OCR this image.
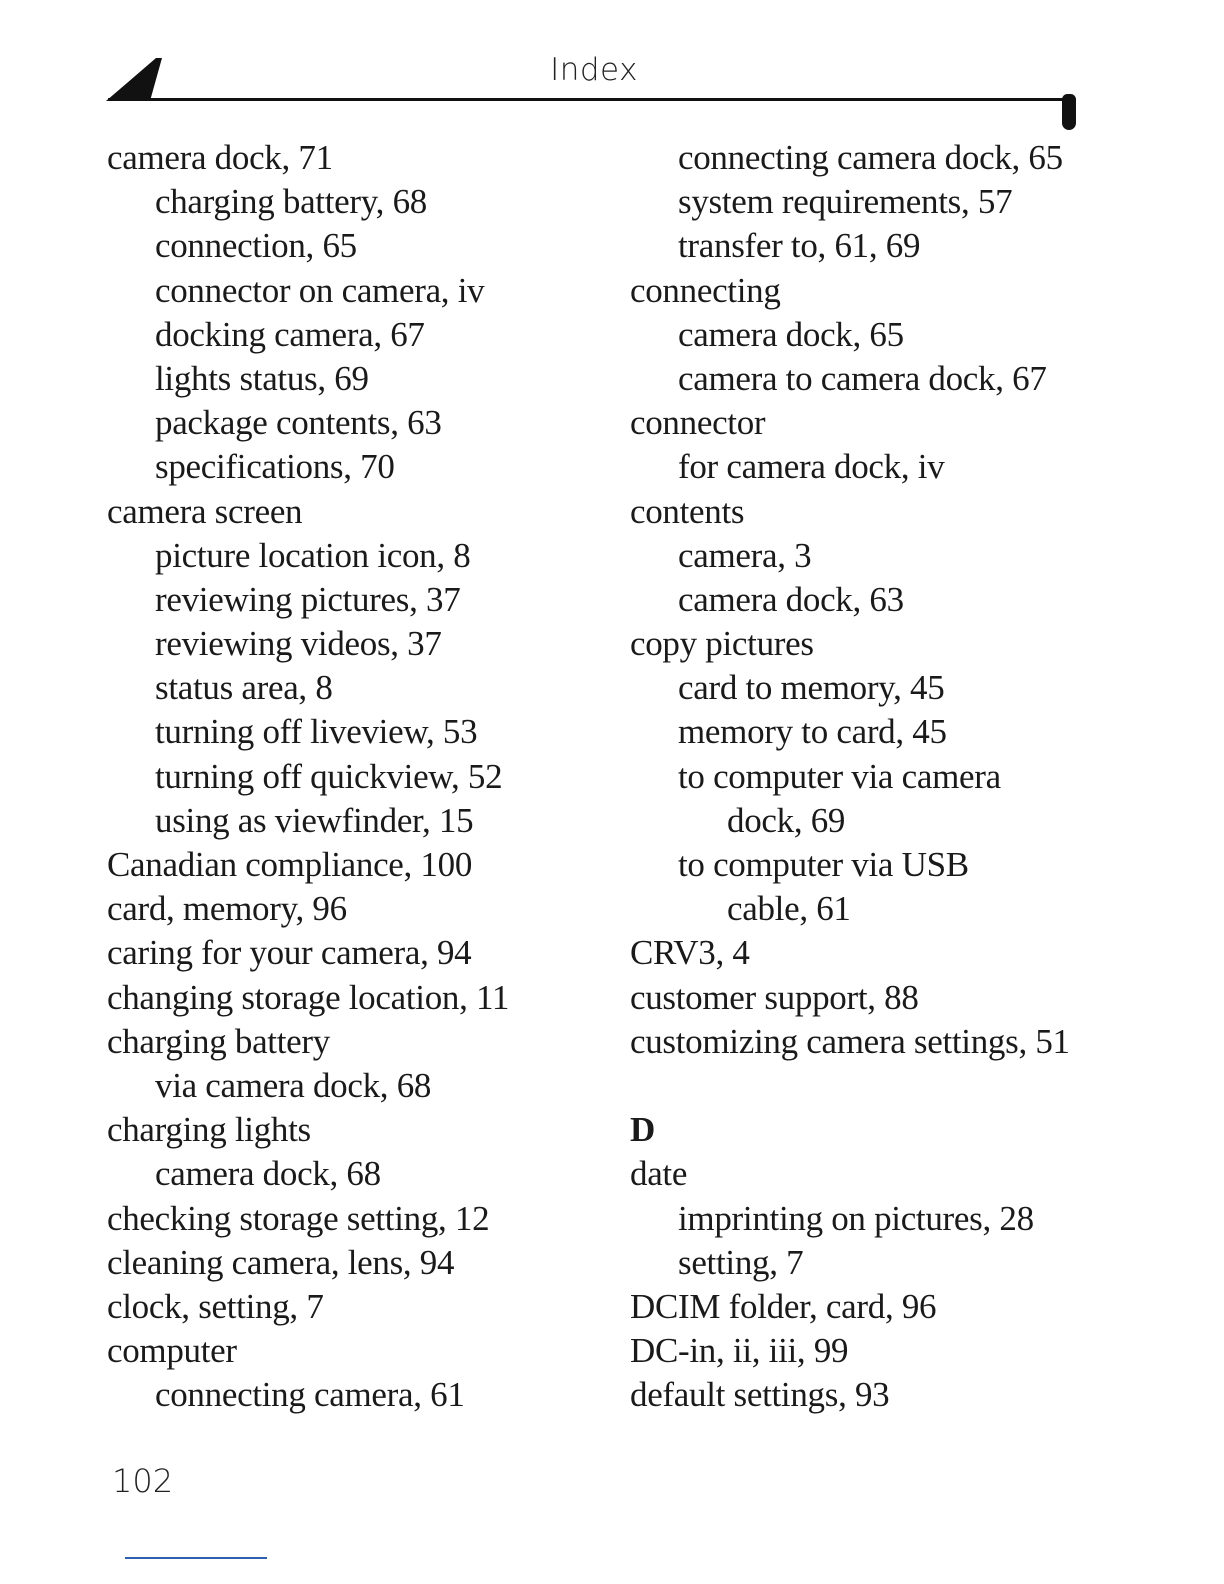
Index
camera dock, 71
charging battery, 68
connection, 65
connector on camera, iv
docking camera, 67
lights status, 69
package contents, 63
specifications, 70
camera screen
picture location icon, 8
reviewing pictures, 37
reviewing videos, 37
status area, 8
turning off liveview, 53
turning off quickview, 52
using as viewfinder, 15
Canadian compliance, 100
card, memory, 96
caring for your camera, 94
changing storage location, 11
charging battery
via camera dock, 68
charging lights
camera dock, 68
checking storage setting, 12
cleaning camera, lens, 94
clock, setting, 7
computer
connecting camera, 61
connecting camera dock, 65
system requirements, 57
transfer to, 61, 69
connecting
camera dock, 65
camera to camera dock, 67
connector
for camera dock, iv
contents
camera, 3
camera dock, 63
copy pictures
card to memory, 45
memory to card, 45
to computer via camera
dock, 69
to computer via USB
cable, 61
CRV3, 4
customer support, 88
customizing camera settings, 51
D
date
imprinting on pictures, 28
setting, 7
DCIM folder, card, 96
DC-in, ii, iii, 99
default settings, 93
102
